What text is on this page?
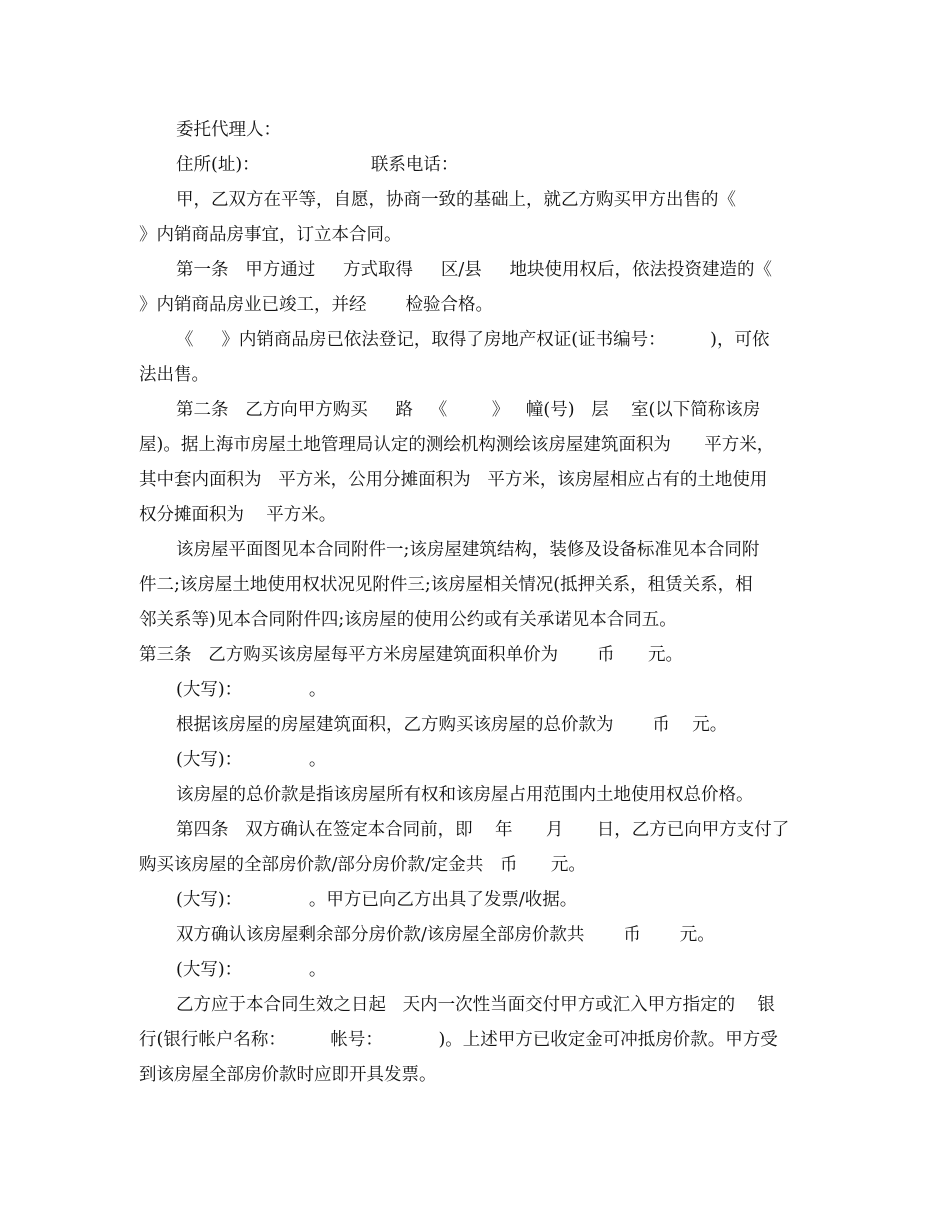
委托代理人：
住所(址)：                    联系电话：
甲，乙双方在平等，自愿，协商一致的基础上，就乙方购买甲方出售的《
》内销商品房事宜，订立本合同。
第一条   甲方通过     方式取得     区/县     地块使用权后，依法投资建造的《
》内销商品房业已竣工，并经       检验合格。
《     》内销商品房已依法登记，取得了房地产权证(证书编号：        )，可依
法出售。
第二条   乙方向甲方购买     路   《        》   幢(号)   层    室(以下简称该房
屋)。据上海市房屋土地管理局认定的测绘机构测绘该房屋建筑面积为      平方米，
其中套内面积为   平方米，公用分摊面积为   平方米，该房屋相应占有的土地使用
权分摊面积为    平方米。
该房屋平面图见本合同附件一;该房屋建筑结构，装修及设备标准见本合同附
件二;该房屋土地使用权状况见附件三;该房屋相关情况(抵押关系，租赁关系，相
邻关系等)见本合同附件四;该房屋的使用公约或有关承诺见本合同五。
第三条   乙方购买该房屋每平方米房屋建筑面积单价为       币      元。
(大写)：            。
根据该房屋的房屋建筑面积，乙方购买该房屋的总价款为       币    元。
(大写)：            。
该房屋的总价款是指该房屋所有权和该房屋占用范围内土地使用权总价格。
第四条   双方确认在签定本合同前，即    年      月      日，乙方已向甲方支付了
购买该房屋的全部房价款/部分房价款/定金共   币      元。
(大写)：            。甲方已向乙方出具了发票/收据。
双方确认该房屋剩余部分房价款/该房屋全部房价款共       币       元。
(大写)：            。
乙方应于本合同生效之日起   天内一次性当面交付甲方或汇入甲方指定的    银
行(银行帐户名称：        帐号：          )。上述甲方已收定金可冲抵房价款。甲方受
到该房屋全部房价款时应即开具发票。
